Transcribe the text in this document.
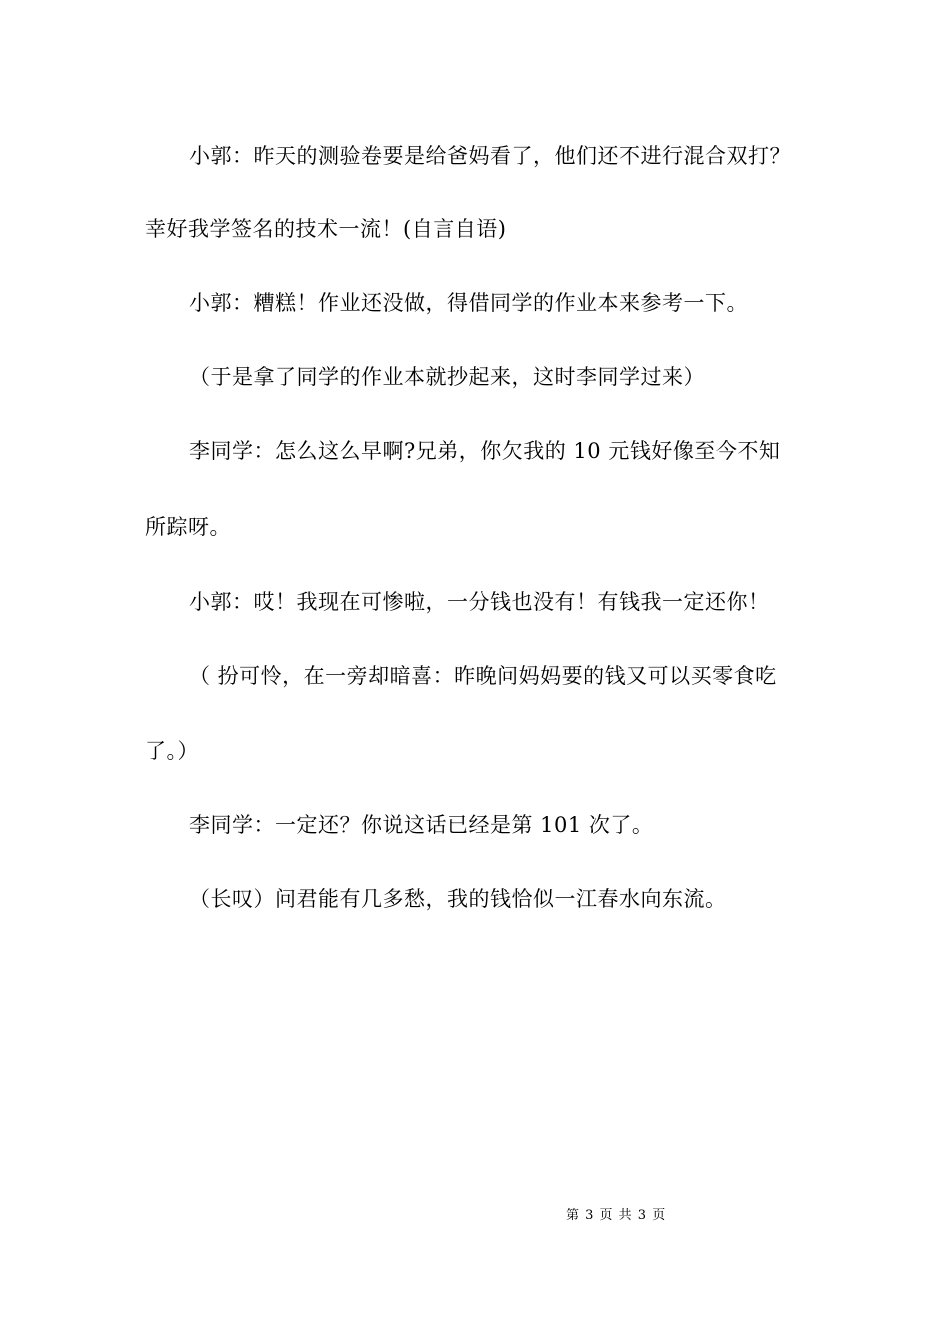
小郭：昨天的测验卷要是给爸妈看了，他们还不进行混合双打？
幸好我学签名的技术一流！(自言自语)
小郭：糟糕！作业还没做，得借同学的作业本来参考一下。
（于是拿了同学的作业本就抄起来，这时李同学过来）
李同学：怎么这么早啊?兄弟，你欠我的 10 元钱好像至今不知
所踪呀。
小郭：哎！我现在可惨啦，一分钱也没有！有钱我一定还你！
（ 扮可怜，在一旁却暗喜：昨晚问妈妈要的钱又可以买零食吃
了。）
李同学：一定还？你说这话已经是第 101 次了。
（长叹）问君能有几多愁，我的钱恰似一江春水向东流。
第 3 页 共 3 页
